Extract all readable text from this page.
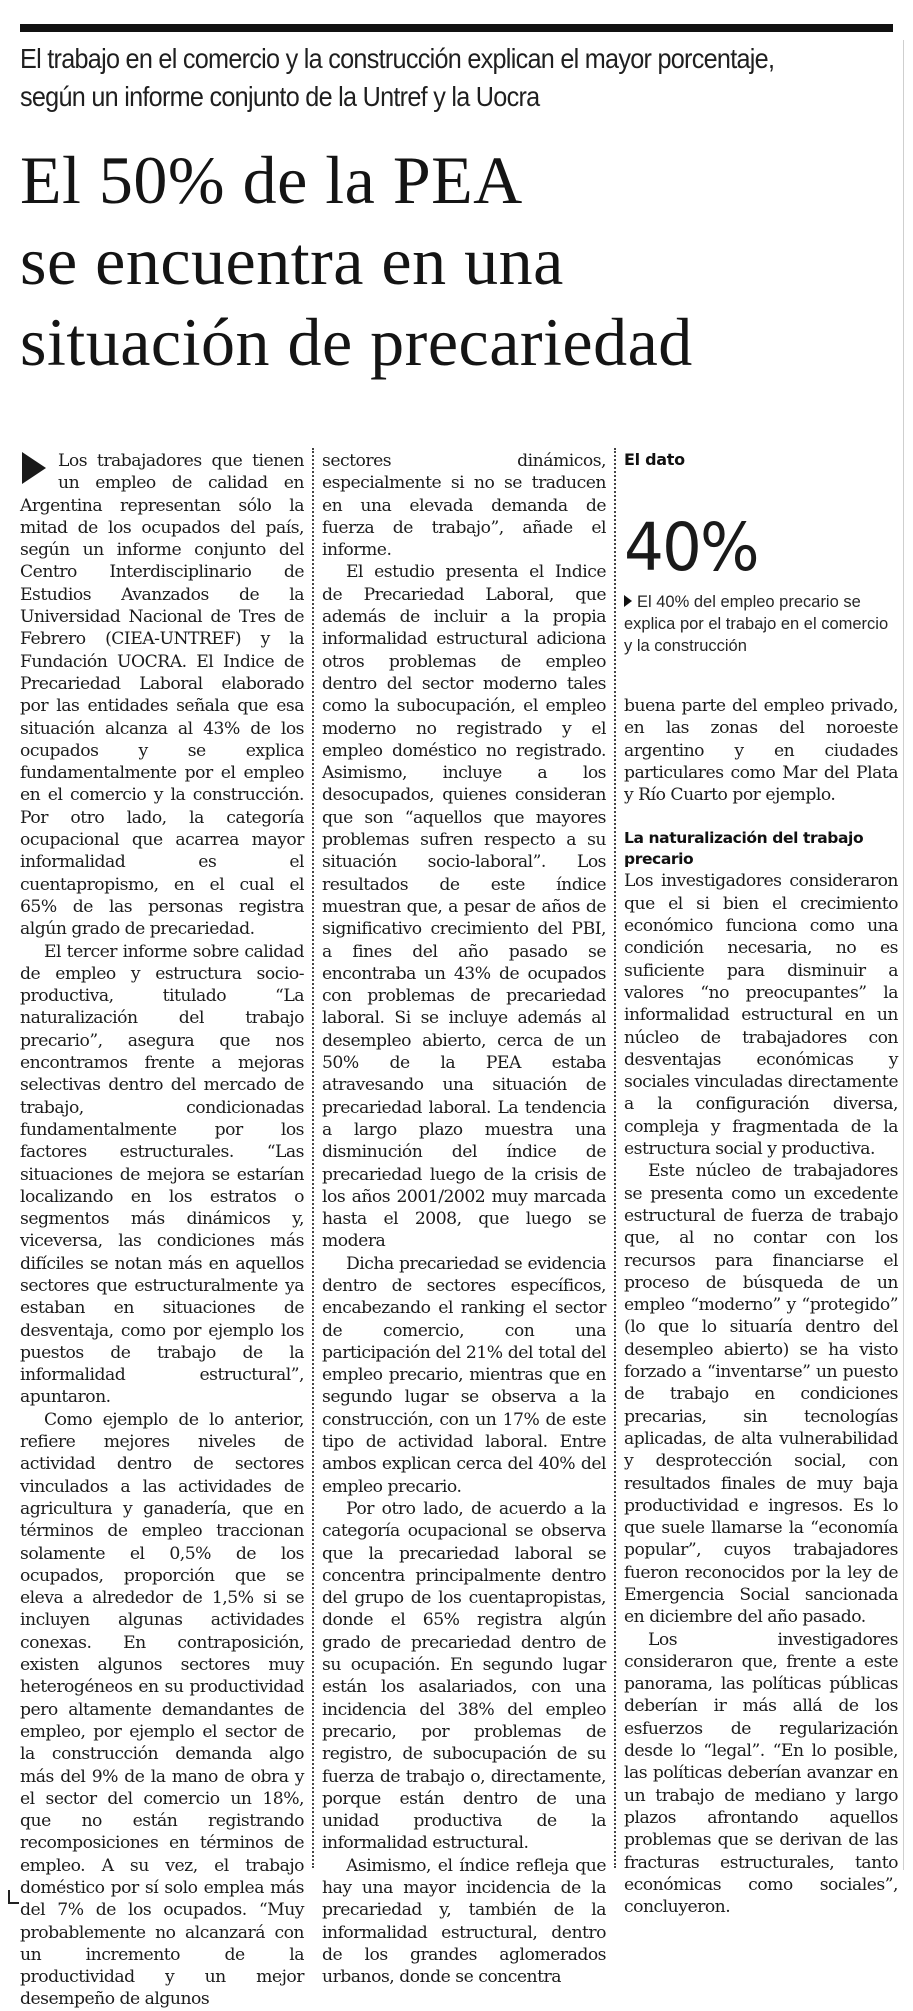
El trabajo en el comercio y la construcción explican el mayor porcentaje, según un informe conjunto de la Untref y la Uocra
El 50% de la PEA
se encuentra en una
situación de precariedad

Los trabajadores que tienen un empleo de calidad en Argentina representan sólo la mitad de los ocupados del país, según un informe conjunto del Centro Interdisciplinario de Estudios Avanzados de la Universidad Nacional de Tres de Febrero (CIEA-UNTREF) y la Fundación UOCRA. El Indice de Precariedad Laboral elaborado por las entidades señala que esa situación alcanza al 43% de los ocupados y se explica fundamentalmente por el empleo en el comercio y la construcción. Por otro lado, la categoría ocupacional que acarrea mayor informalidad es el cuentapropismo, en el cual el 65% de las personas registra algún grado de precariedad.

El tercer informe sobre calidad de empleo y estructura socio-productiva, titulado “La naturalización del trabajo precario”, asegura que nos encontramos frente a mejoras selectivas dentro del mercado de trabajo, condicionadas fundamentalmente por los factores estructurales. “Las situaciones de mejora se estarían localizando en los estratos o segmentos más dinámicos y, viceversa, las condiciones más difíciles se notan más en aquellos sectores que estructuralmente ya estaban en situaciones de desventaja, como por ejemplo los puestos de trabajo de la informalidad estructural”, apuntaron.

Como ejemplo de lo anterior, refiere mejores niveles de actividad dentro de sectores vinculados a las actividades de agricultura y ganadería, que en términos de empleo traccionan solamente el 0,5% de los ocupados, proporción que se eleva a alrededor de 1,5% si se incluyen algunas actividades conexas. En contraposición, existen algunos sectores muy heterogéneos en su productividad pero altamente demandantes de empleo, por ejemplo el sector de la construcción demanda algo más del 9% de la mano de obra y el sector del comercio un 18%, que no están registrando recomposiciones en términos de empleo. A su vez, el trabajo doméstico por sí solo emplea más del 7% de los ocupados. “Muy probablemente no alcanzará con un incremento de la productividad y un mejor desempeño de algunos

sectores dinámicos, especialmente si no se traducen en una elevada demanda de fuerza de trabajo”, añade el informe.

El estudio presenta el Indice de Precariedad Laboral, que además de incluir a la propia informalidad estructural adiciona otros problemas de empleo dentro del sector moderno tales como la subocupación, el empleo moderno no registrado y el empleo doméstico no registrado. Asimismo, incluye a los desocupados, quienes consideran que son “aquellos que mayores problemas sufren respecto a su situación socio-laboral”. Los resultados de este índice muestran que, a pesar de años de significativo crecimiento del PBI, a fines del año pasado se encontraba un 43% de ocupados con problemas de precariedad laboral. Si se incluye además al desempleo abierto, cerca de un 50% de la PEA estaba atravesando una situación de precariedad laboral. La tendencia a largo plazo muestra una disminución del índice de precariedad luego de la crisis de los años 2001/2002 muy marcada hasta el 2008, que luego se modera

Dicha precariedad se evidencia dentro de sectores específicos, encabezando el ranking el sector de comercio, con una participación del 21% del total del empleo precario, mientras que en segundo lugar se observa a la construcción, con un 17% de este tipo de actividad laboral. Entre ambos explican cerca del 40% del empleo precario.

Por otro lado, de acuerdo a la categoría ocupacional se observa que la precariedad laboral se concentra principalmente dentro del grupo de los cuentapropistas, donde el 65% registra algún grado de precariedad dentro de su ocupación. En segundo lugar están los asalariados, con una incidencia del 38% del empleo precario, por problemas de registro, de subocupación de su fuerza de trabajo o, directamente, porque están dentro de una unidad productiva de la informalidad estructural.

Asimismo, el índice refleja que hay una mayor incidencia de la precariedad y, también de la informalidad estructural, dentro de los grandes aglomerados urbanos, donde se concentra

El dato
40%
El 40% del empleo precario se explica por el trabajo en el comercio y la construcción

buena parte del empleo privado, en las zonas del noroeste argentino y en ciudades particulares como Mar del Plata y Río Cuarto por ejemplo.

La naturalización del trabajo precario

Los investigadores consideraron que el si bien el crecimiento económico funciona como una condición necesaria, no es suficiente para disminuir a valores “no preocupantes” la informalidad estructural en un núcleo de trabajadores con desventajas económicas y sociales vinculadas directamente a la configuración diversa, compleja y fragmentada de la estructura social y productiva.

Este núcleo de trabajadores se presenta como un excedente estructural de fuerza de trabajo que, al no contar con los recursos para financiarse el proceso de búsqueda de un empleo “moderno” y “protegido” (lo que lo situaría dentro del desempleo abierto) se ha visto forzado a “inventarse” un puesto de trabajo en condiciones precarias, sin tecnologías aplicadas, de alta vulnerabilidad y desprotección social, con resultados finales de muy baja productividad e ingresos. Es lo que suele llamarse la “economía popular”, cuyos trabajadores fueron reconocidos por la ley de Emergencia Social sancionada en diciembre del año pasado.

Los investigadores consideraron que, frente a este panorama, las políticas públicas deberían ir más allá de los esfuerzos de regularización desde lo “legal”. “En lo posible, las políticas deberían avanzar en un trabajo de mediano y largo plazos afrontando aquellos problemas que se derivan de las fracturas estructurales, tanto económicas como sociales”, concluyeron.
